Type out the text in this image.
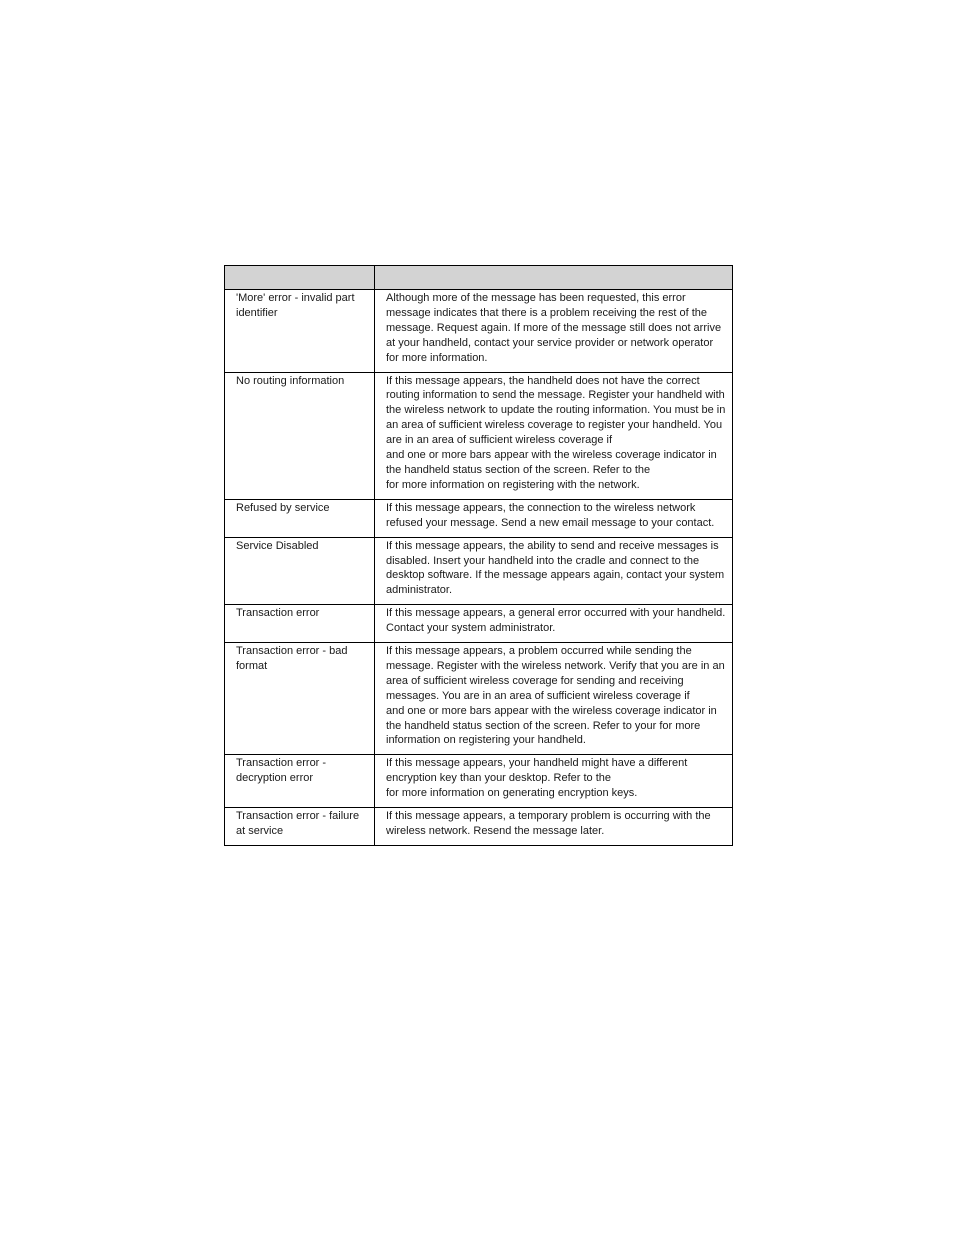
'More' error - invalid part identifier	Although more of the message has been requested, this error message indicates that there is a problem receiving the rest of the message. Request again. If more of the message still does not arrive at your handheld, contact your service provider or network operator for more information.
No routing information	If this message appears, the handheld does not have the correct routing information to send the message. Register your handheld with the wireless network to update the routing information. You must be in an area of sufficient wireless coverage to register your handheld. You are in an area of sufficient wireless coverage if
and one or more bars appear with the wireless coverage indicator in the handheld status section of the screen. Refer to the
for more information on registering with the network.
Refused by service	If this message appears, the connection to the wireless network refused your message. Send a new email message to your contact.
Service Disabled	If this message appears, the ability to send and receive messages is disabled. Insert your handheld into the cradle and connect to the desktop software. If the message appears again, contact your system administrator.
Transaction error	If this message appears, a general error occurred with your handheld. Contact your system administrator.
Transaction error - bad format	If this message appears, a problem occurred while sending the message. Register with the wireless network. Verify that you are in an area of sufficient wireless coverage for sending and receiving messages. You are in an area of sufficient wireless coverage if
and one or more bars appear with the wireless coverage indicator in the handheld status section of the screen. Refer to your for more information on registering your handheld.
Transaction error - decryption error	If this message appears, your handheld might have a different encryption key than your desktop. Refer to the
for more information on generating encryption keys.
Transaction error - failure at service	If this message appears, a temporary problem is occurring with the wireless network. Resend the message later.
